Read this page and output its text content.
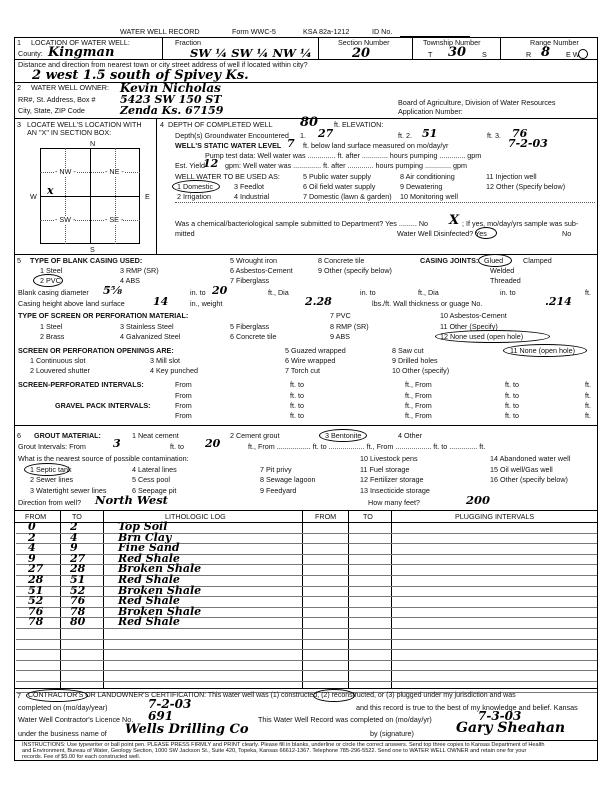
WATER WELL RECORD	Form WWC-5	KSA 82a-1212	ID No.
1 LOCATION OF WATER WELL:
County: Kingman
Fraction
SW ¼ SW ¼ NW ¼
Section Number
20
Township Number
T 30 S
Range Number
R 8 E W
Distance and direction from nearest town or city street address of well if located within city?
2 west 1.5 south of Spivey Ks.
2 WATER WELL OWNER: Kevin Nicholas
RR#, St. Address, Box # 5423 SW 150 ST
City, State, ZIP Code	Zenda Ks. 67159
Board of Agriculture, Division of Water Resources
Application Number:
3 LOCATE WELL'S LOCATION WITH
AN "X" IN SECTION BOX:
N
S
W	E
- NW -	- NE -
- SW -	- SE -
x
4 DEPTH OF COMPLETED WELL 80 ft. ELEVATION:
Depth(s) Groundwater Encountered 1. 27	ft. 2. 51	ft. 3. 76
WELL'S STATIC WATER LEVEL 7 ft. below land surface measured on mo/day/yr	7-2-03
Pump test data: Well water was .............. ft. after ............. hours pumping ............. gpm
Est. Yield
12 gpm: Well water was .............. ft. after ............. hours pumping ............. gpm
WELL WATER TO BE USED AS:	5 Public water supply	8 Air conditioning	11 Injection well
1 Domestic	3 Feedlot	6 Oil field water supply	9 Dewatering	12 Other (Specify below)
2 Irrigation	4 Industrial	7 Domestic (lawn & garden) 10 Monitoring well
Was a chemical/bacteriological sample submitted to Department? Yes ......... No X ; If yes, mo/day/yrs sample was sub-
mitted	Water Well Disinfected? Yes	No
5 TYPE OF BLANK CASING USED:
1 Steel	3 RMP (SR)
5 Wrought iron	8 Concrete tile
2 PVC	4 ABS
6 Asbestos-Cement	9 Other (specify below)
7 Fiberglass
CASING JOINTS: Glued	Clamped
Welded
Threaded
Blank casing diameter 5⅝	in. to 20	ft., Dia	in. to	ft., Dia	in. to	ft.
Casing height above land surface	14	in., weight	2.28	lbs./ft. Wall thickness or guage No.	.214
TYPE OF SCREEN OR PERFORATION MATERIAL:
1 Steel	3 Stainless Steel	5 Fiberglass
7 PVC	10 Asbestos-Cement
2 Brass	4 Galvanized Steel	6 Concrete tile
8 RMP (SR)	11 Other (Specify)
9 ABS	12 None used (open hole)
SCREEN OR PERFORATION OPENINGS ARE:	5 Guazed wrapped	8 Saw cut	11 None (open hole)
1 Continuous slot	3 Mill slot	6 Wire wrapped	9 Drilled holes
2 Louvered shutter	4 Key punched	7 Torch cut	10 Other (specify)
SCREEN-PERFORATED INTERVALS:
GRAVEL PACK INTERVALS:
From	ft. to	ft., From	ft. to	ft.
From	ft. to	ft., From	ft. to	ft.
From	ft. to	ft., From	ft. to	ft.
From	ft. to	ft., From	ft. to	ft.
6 GROUT MATERIAL:	1 Neat cement	2 Cement grout	3 Bentonite	4 Other
Grout Intervals: From 3	ft. to 20	ft., From ................. ft. to .................. ft., From .................. ft. to .............. ft.
What is the nearest source of possible contamination:
1 Septic tank	4 Lateral lines	7 Pit privy
10 Livestock pens	14 Abandoned water well
2 Sewer lines	5 Cess pool	8 Sewage lagoon
11 Fuel storage	15 Oil well/Gas well
3 Watertight sewer lines	6 Seepage pit	9 Feedyard
12 Fertilizer storage	16 Other (specify below)
13 Insecticide storage
Direction from well? North West	How many feet?	200
FROM	TO	LITHOLOGIC LOG	FROM	TO	PLUGGING INTERVALS
0	2	Top Soil
2	4	Brn Clay
4	9	Fine Sand
9	27	Red Shale
27 28	Broken Shale
28 51	Red Shale
51 52	Broken Shale
52 76	Red Shale
76 78	Broken Shale
78 80	Red Shale
7 CONTRACTOR'S OR LANDOWNER'S CERTIFICATION: This water well was (1) constructed, (2) reconstructed, or (3) plugged under my jurisdiction and was
completed on (mo/day/year)	7-2-03	and this record is true to the best of my knowledge and belief. Kansas
Water Well Contractor's Licence No. 691	This Water Well Record was completed on (mo/day/yr)	7-3-03
under the business name of Wells Drilling Co	by (signature)	Gary Sheahan
INSTRUCTIONS: Use typewriter or ball point pen. PLEASE PRESS FIRMLY and PRINT clearly. Please fill in blanks, underline or circle the correct answers. Send top three copies to Kansas Department of Health
and Environment, Bureau of Water, Geology Section, 1000 SW Jackson St., Suite 420, Topeka, Kansas 66612-1367. Telephone 785-296-5522. Send one to WATER WELL OWNER and retain one for your
records. Fee of $5.00 for each constructed well.
